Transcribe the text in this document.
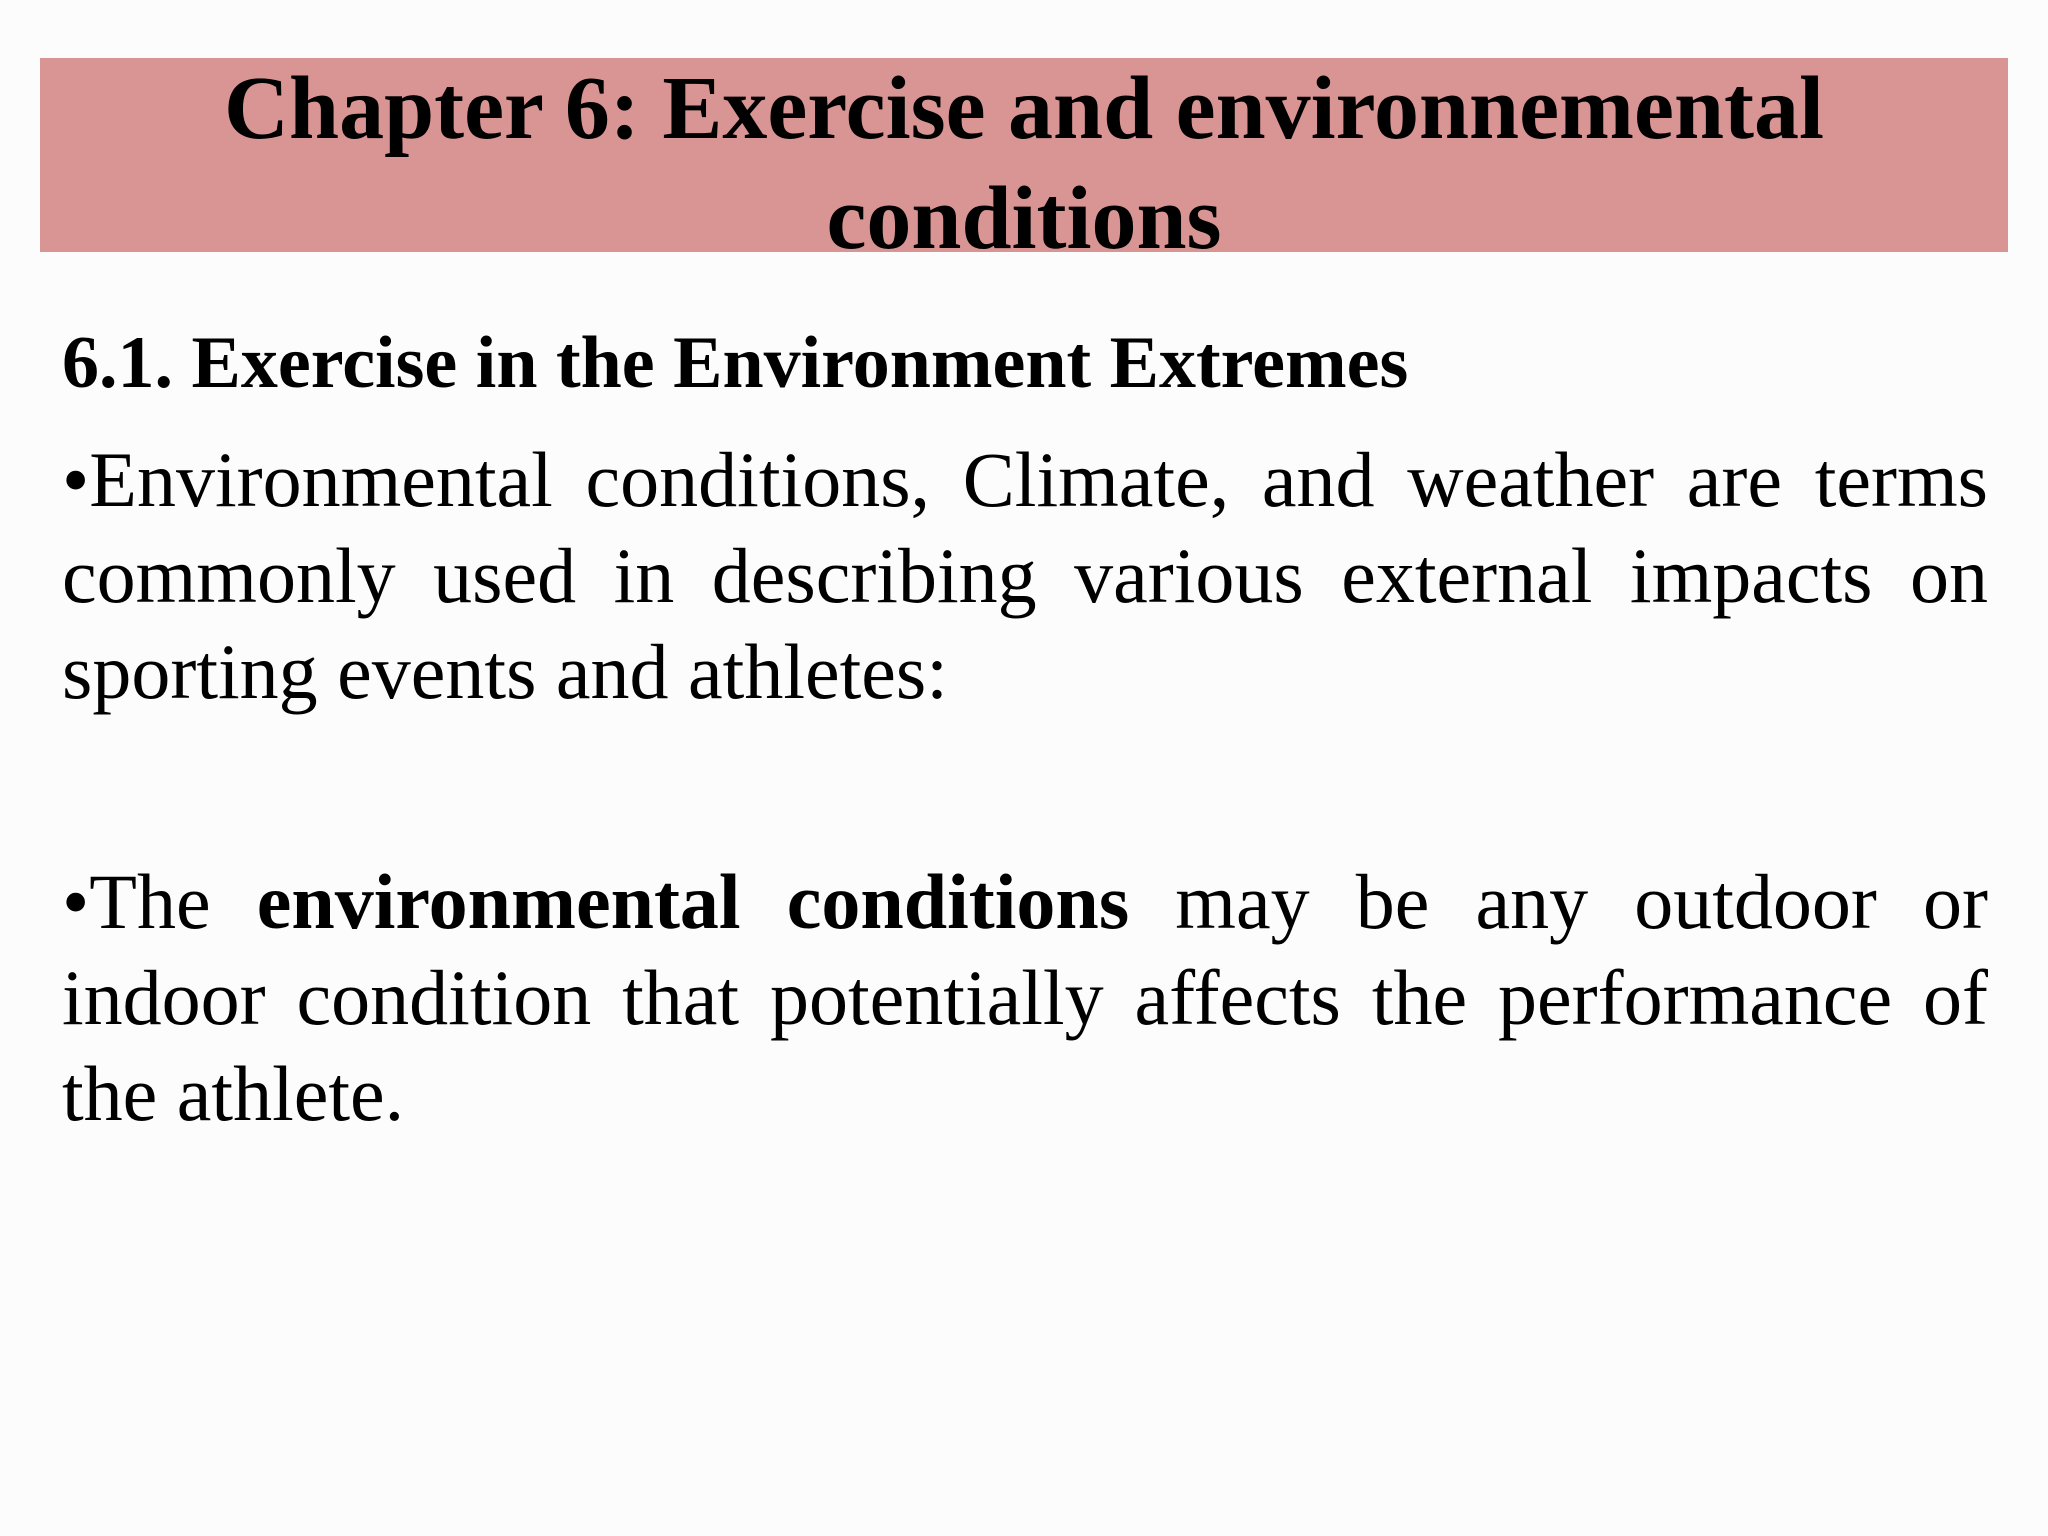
Chapter 6: Exercise and environnemental conditions
6.1. Exercise in the Environment Extremes

•Environmental conditions, Climate, and weather are terms commonly used in describing various external impacts on sporting events and athletes:

•The environmental conditions may be any outdoor or indoor condition that potentially affects the performance of the athlete.
